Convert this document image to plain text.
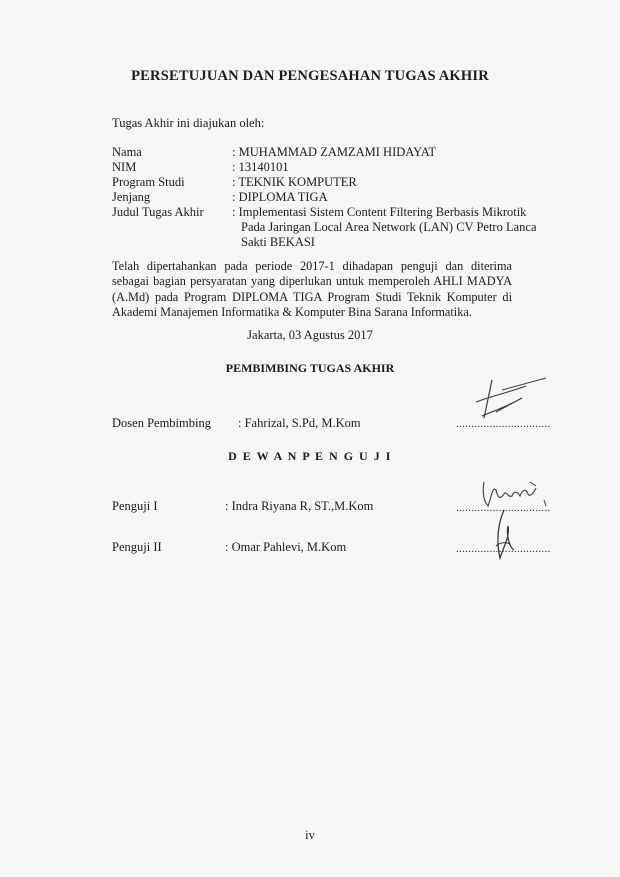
PERSETUJUAN DAN PENGESAHAN TUGAS AKHIR
Tugas Akhir ini diajukan oleh:
Nama	: MUHAMMAD ZAMZAMI HIDAYAT
NIM	: 13140101
Program Studi	: TEKNIK KOMPUTER
Jenjang	: DIPLOMA TIGA
Judul Tugas Akhir : Implementasi Sistem Content Filtering Berbasis Mikrotik
Pada Jaringan Local Area Network (LAN) CV Petro Lanca
Sakti BEKASI
Telah dipertahankan pada periode 2017-1 dihadapan penguji dan diterima sebagai bagian persyaratan yang diperlukan untuk memperoleh AHLI MADYA (A.Md) pada Program DIPLOMA TIGA Program Studi Teknik Komputer di Akademi Manajemen Informatika & Komputer Bina Sarana Informatika.
Jakarta, 03 Agustus 2017
PEMBIMBING TUGAS AKHIR
Dosen Pembimbing : Fahrizal, S.Pd, M.Kom	...............................
D E W A N P E N G U J I
Penguji I	: Indra Riyana R, ST.,M.Kom	...............................
Penguji II	: Omar Pahlevi, M.Kom	...............................
iv
